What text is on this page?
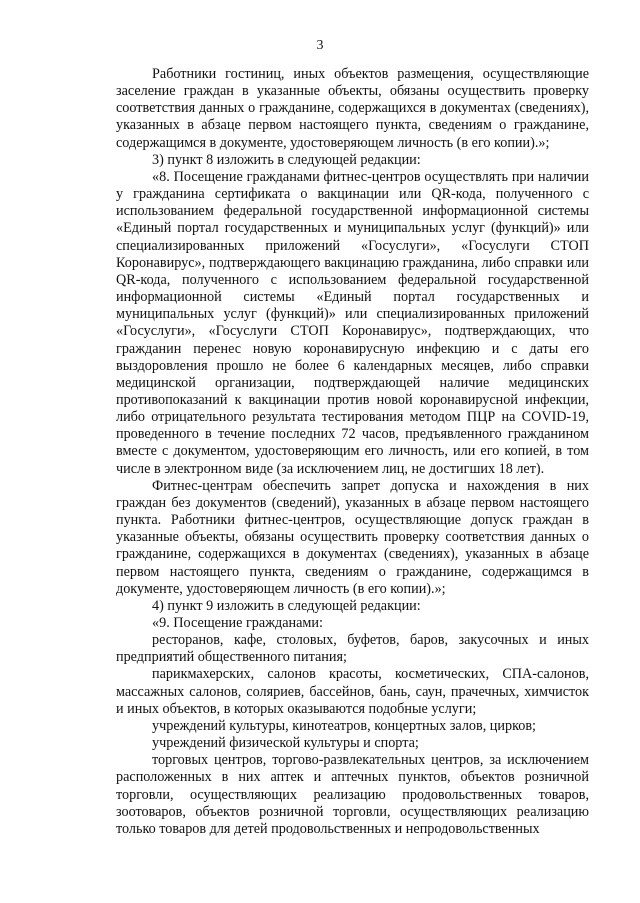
3

Работники гостиниц, иных объектов размещения, осуществляющие заселение граждан в указанные объекты, обязаны осуществить проверку соответствия данных о гражданине, содержащихся в документах (сведениях), указанных в абзаце первом настоящего пункта, сведениям о гражданине, содержащимся в документе, удостоверяющем личность (в его копии).»;

3) пункт 8 изложить в следующей редакции:

«8. Посещение гражданами фитнес-центров осуществлять при наличии у гражданина сертификата о вакцинации или QR-кода, полученного с использованием федеральной государственной информационной системы «Единый портал государственных и муниципальных услуг (функций)» или специализированных приложений «Госуслуги», «Госуслуги СТОП Коронавирус», подтверждающего вакцинацию гражданина, либо справки или QR-кода, полученного с использованием федеральной государственной информационной системы «Единый портал государственных и муниципальных услуг (функций)» или специализированных приложений «Госуслуги», «Госуслуги СТОП Коронавирус», подтверждающих, что гражданин перенес новую коронавирусную инфекцию и с даты его выздоровления прошло не более 6 календарных месяцев, либо справки медицинской организации, подтверждающей наличие медицинских противопоказаний к вакцинации против новой коронавирусной инфекции, либо отрицательного результата тестирования методом ПЦР на COVID-19, проведенного в течение последних 72 часов, предъявленного гражданином вместе с документом, удостоверяющим его личность, или его копией, в том числе в электронном виде (за исключением лиц, не достигших 18 лет).

Фитнес-центрам обеспечить запрет допуска и нахождения в них граждан без документов (сведений), указанных в абзаце первом настоящего пункта. Работники фитнес-центров, осуществляющие допуск граждан в указанные объекты, обязаны осуществить проверку соответствия данных о гражданине, содержащихся в документах (сведениях), указанных в абзаце первом настоящего пункта, сведениям о гражданине, содержащимся в документе, удостоверяющем личность (в его копии).»;

4) пункт 9 изложить в следующей редакции:

«9. Посещение гражданами:

ресторанов, кафе, столовых, буфетов, баров, закусочных и иных предприятий общественного питания;

парикмахерских, салонов красоты, косметических, СПА-салонов, массажных салонов, соляриев, бассейнов, бань, саун, прачечных, химчисток и иных объектов, в которых оказываются подобные услуги;

учреждений культуры, кинотеатров, концертных залов, цирков;

учреждений физической культуры и спорта;

торговых центров, торгово-развлекательных центров, за исключением расположенных в них аптек и аптечных пунктов, объектов розничной торговли, осуществляющих реализацию продовольственных товаров, зоотоваров, объектов розничной торговли, осуществляющих реализацию только товаров для детей продовольственных и непродовольственных
